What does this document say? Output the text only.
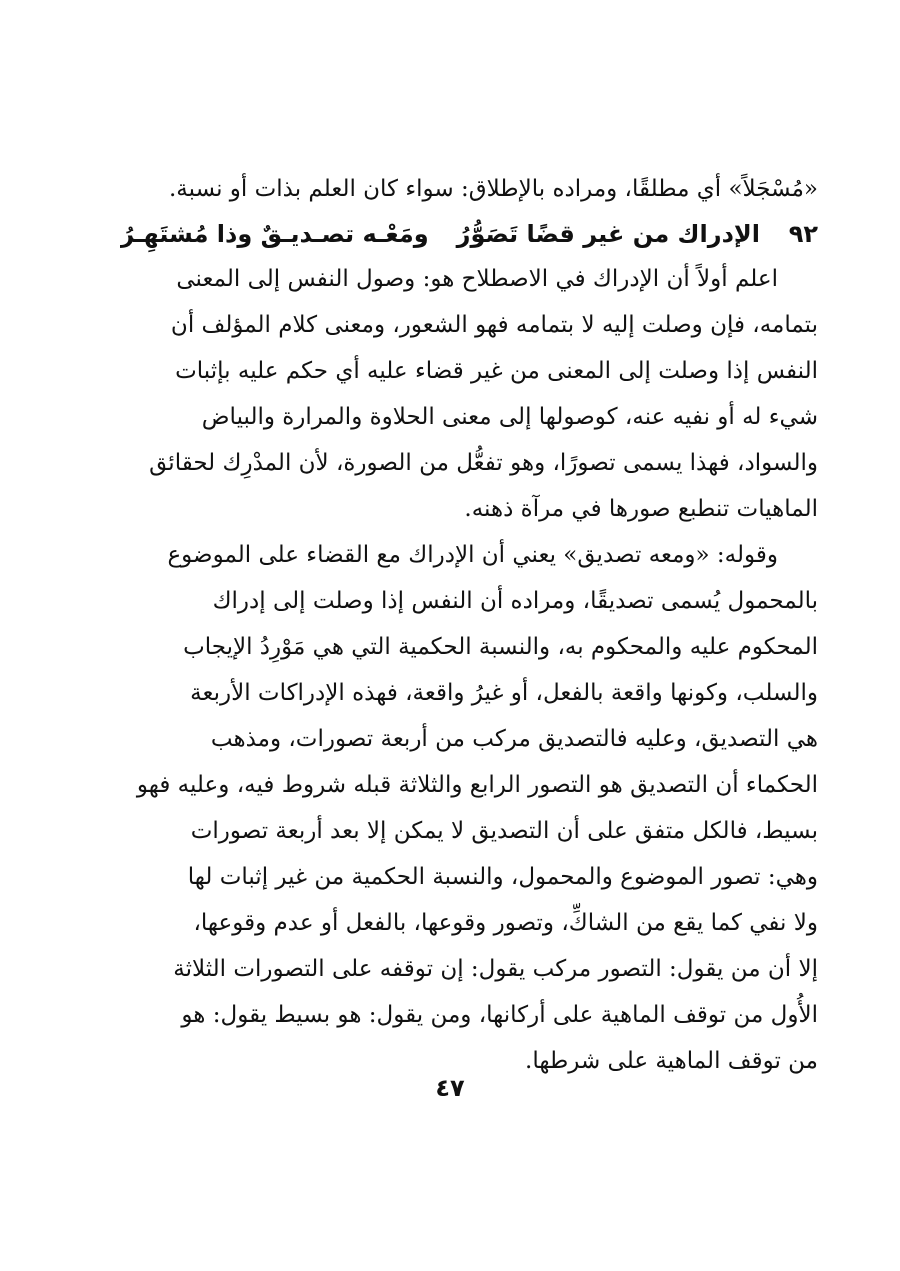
«مُسْجَلاً» أي مطلقًا، ومراده بالإطلاق: سواء كان العلم بذات أو نسبة.
٩٢
الإدراك من غير قضًا تَصَوُّرُ
ومَعْـه تصـديـقٌ وذا مُشتَهِـرُ
اعلم أولاً أن الإدراك في الاصطلاح هو: وصول النفس إلى المعنى
بتمامه، فإن وصلت إليه لا بتمامه فهو الشعور، ومعنى كلام المؤلف أن
النفس إذا وصلت إلى المعنى من غير قضاء عليه أي حكم عليه بإثبات
شيء له أو نفيه عنه، كوصولها إلى معنى الحلاوة والمرارة والبياض
والسواد، فهذا يسمى تصورًا، وهو تفعُّل من الصورة، لأن المدْرِك لحقائق
الماهيات تنطبع صورها في مرآة ذهنه.
وقوله: «ومعه تصديق» يعني أن الإدراك مع القضاء على الموضوع
بالمحمول يُسمى تصديقًا، ومراده أن النفس إذا وصلت إلى إدراك
المحكوم عليه والمحكوم به، والنسبة الحكمية التي هي مَوْرِدُ الإيجاب
والسلب، وكونها واقعة بالفعل، أو غيرُ واقعة، فهذه الإدراكات الأربعة
هي التصديق، وعليه فالتصديق مركب من أربعة تصورات، ومذهب
الحكماء أن التصديق هو التصور الرابع والثلاثة قبله شروط فيه، وعليه فهو
بسيط، فالكل متفق على أن التصديق لا يمكن إلا بعد أربعة تصورات
وهي: تصور الموضوع والمحمول، والنسبة الحكمية من غير إثبات لها
ولا نفي كما يقع من الشاكِّ، وتصور وقوعها، بالفعل أو عدم وقوعها،
إلا أن من يقول: التصور مركب يقول: إن توقفه على التصورات الثلاثة
الأُول من توقف الماهية على أركانها، ومن يقول: هو بسيط يقول: هو
من توقف الماهية على شرطها.
٤٧
